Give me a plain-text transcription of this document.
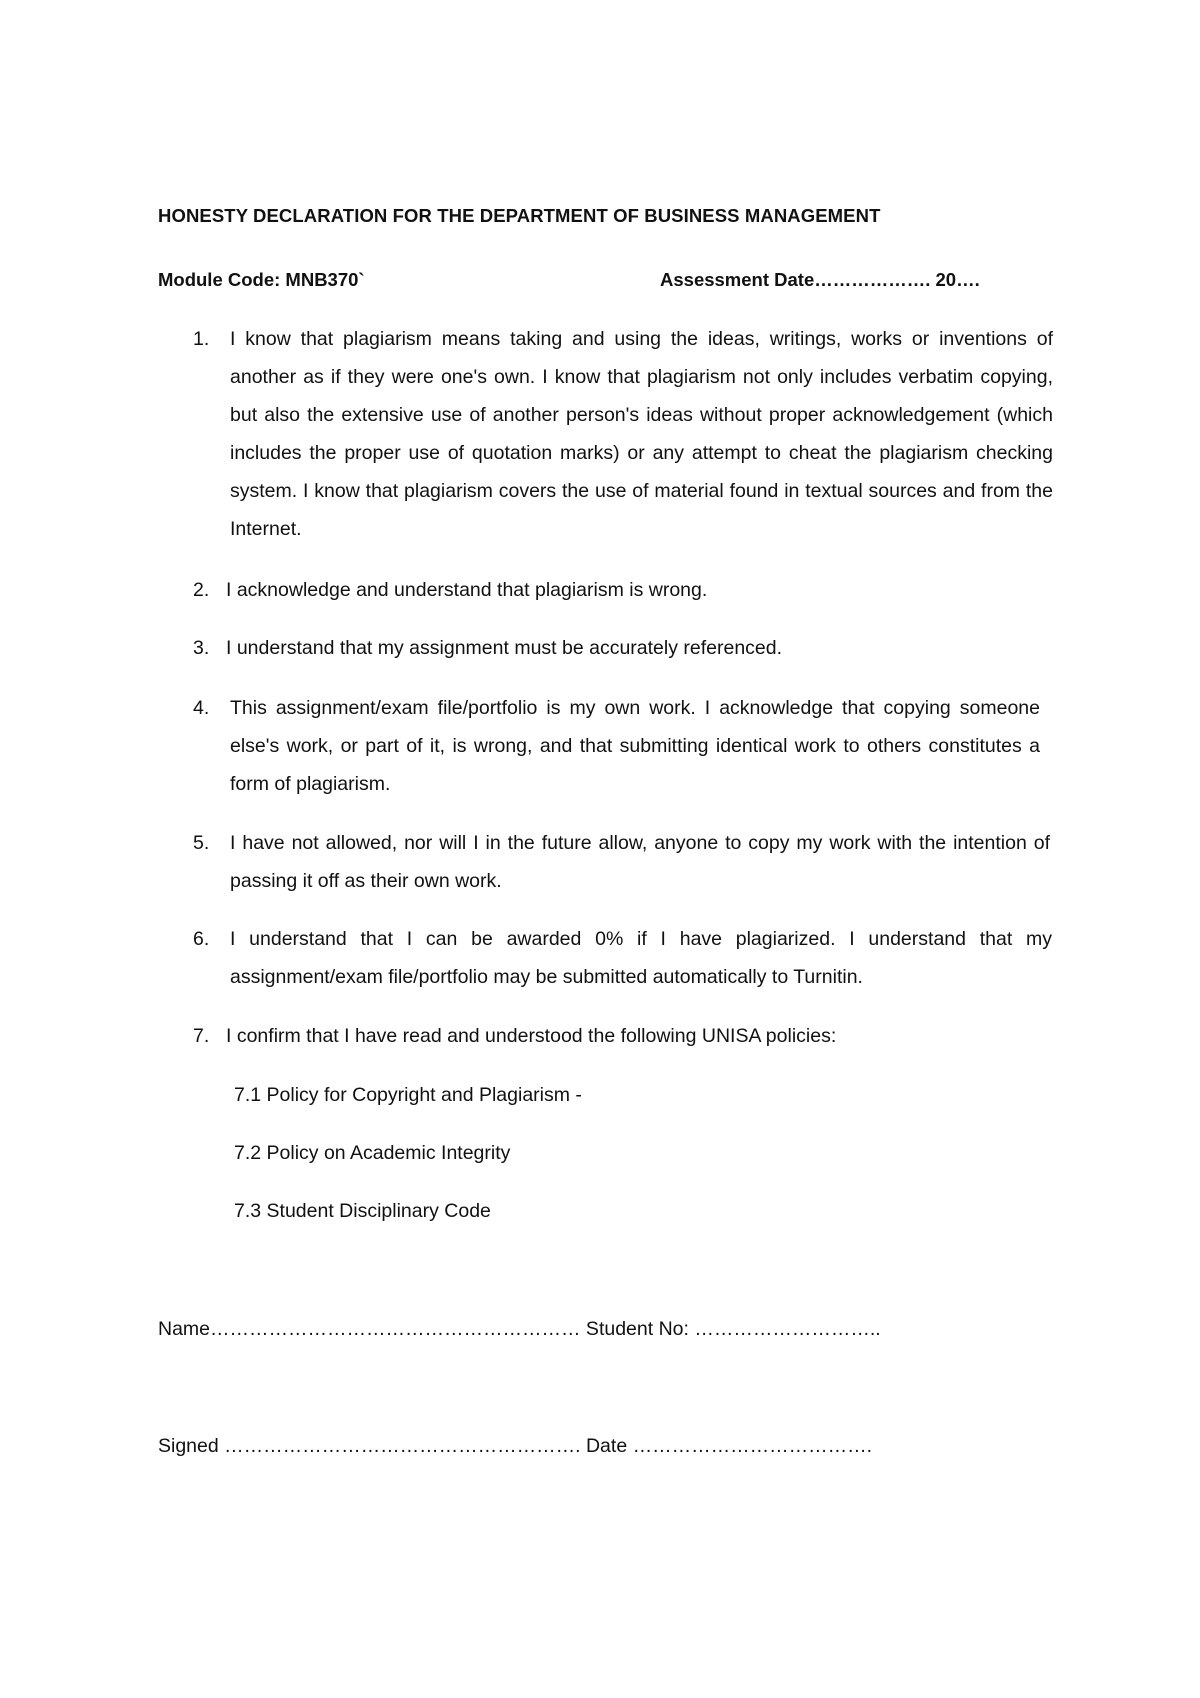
HONESTY DECLARATION FOR THE DEPARTMENT OF BUSINESS MANAGEMENT
Module Code: MNB370`	Assessment Date………………. 20….
1. I know that plagiarism means taking and using the ideas, writings, works or inventions of another as if they were one's own. I know that plagiarism not only includes verbatim copying, but also the extensive use of another person's ideas without proper acknowledgement (which includes the proper use of quotation marks) or any attempt to cheat the plagiarism checking system. I know that plagiarism covers the use of material found in textual sources and from the Internet.
2. I acknowledge and understand that plagiarism is wrong.
3. I understand that my assignment must be accurately referenced.
4. This assignment/exam file/portfolio is my own work. I acknowledge that copying someone else's work, or part of it, is wrong, and that submitting identical work to others constitutes a form of plagiarism.
5. I have not allowed, nor will I in the future allow, anyone to copy my work with the intention of passing it off as their own work.
6. I understand that I can be awarded 0% if I have plagiarized. I understand that my assignment/exam file/portfolio may be submitted automatically to Turnitin.
7. I confirm that I have read and understood the following UNISA policies:
7.1 Policy for Copyright and Plagiarism -
7.2 Policy on Academic Integrity
7.3 Student Disciplinary Code
Name………………………………………………… Student No: ………………………..
Signed ………………………………………………. Date ……………………………….
